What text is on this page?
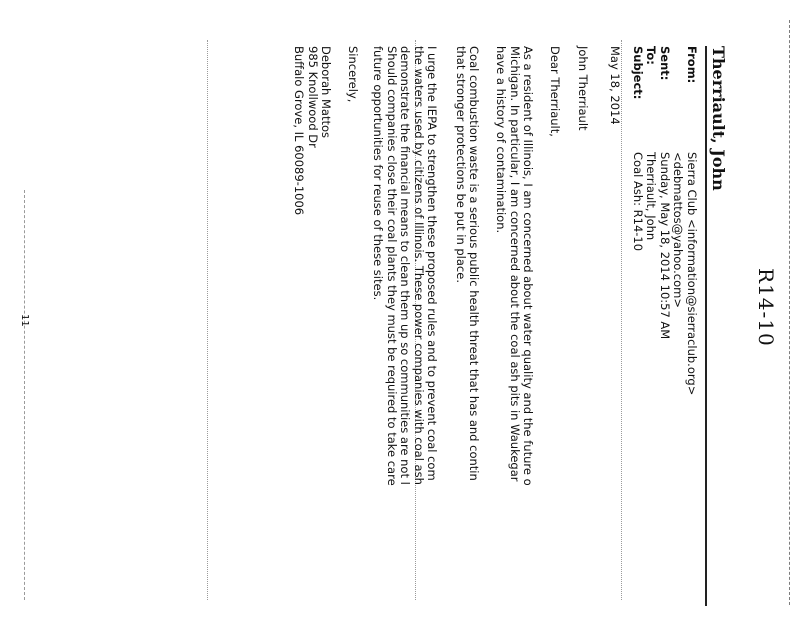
R14-10
Therriault, John
From:
Sierra Club <information@sierraclub.org>
<debmattos@yahoo.com>
Sent:
Sunday, May 18, 2014 10:57 AM
To:
Therriault, John
Subject:
Coal Ash: R14-10
May 18, 2014
John Therriault
Dear Therriault,

As a resident of Illinois, I am concerned about water quality and the future o

Michigan. In particular, I am concerned about the coal ash pits in Waukegar

have a history of contamination.

Coal combustion waste is a serious public health threat that has and contin

that stronger protections be put in place.

I urge the IEPA to strengthen these proposed rules and to prevent coal com

the waters used by citizens of Illinois. These power companies with coal ash

demonstrate the financial means to clean them up so communities are not l

Should companies close their coal plants they must be required to take care

future opportunities for reuse of these sites.

Sincerely,
Deborah Mattos
985 Knollwood Dr
Buffalo Grove, IL 60089-1006
11
